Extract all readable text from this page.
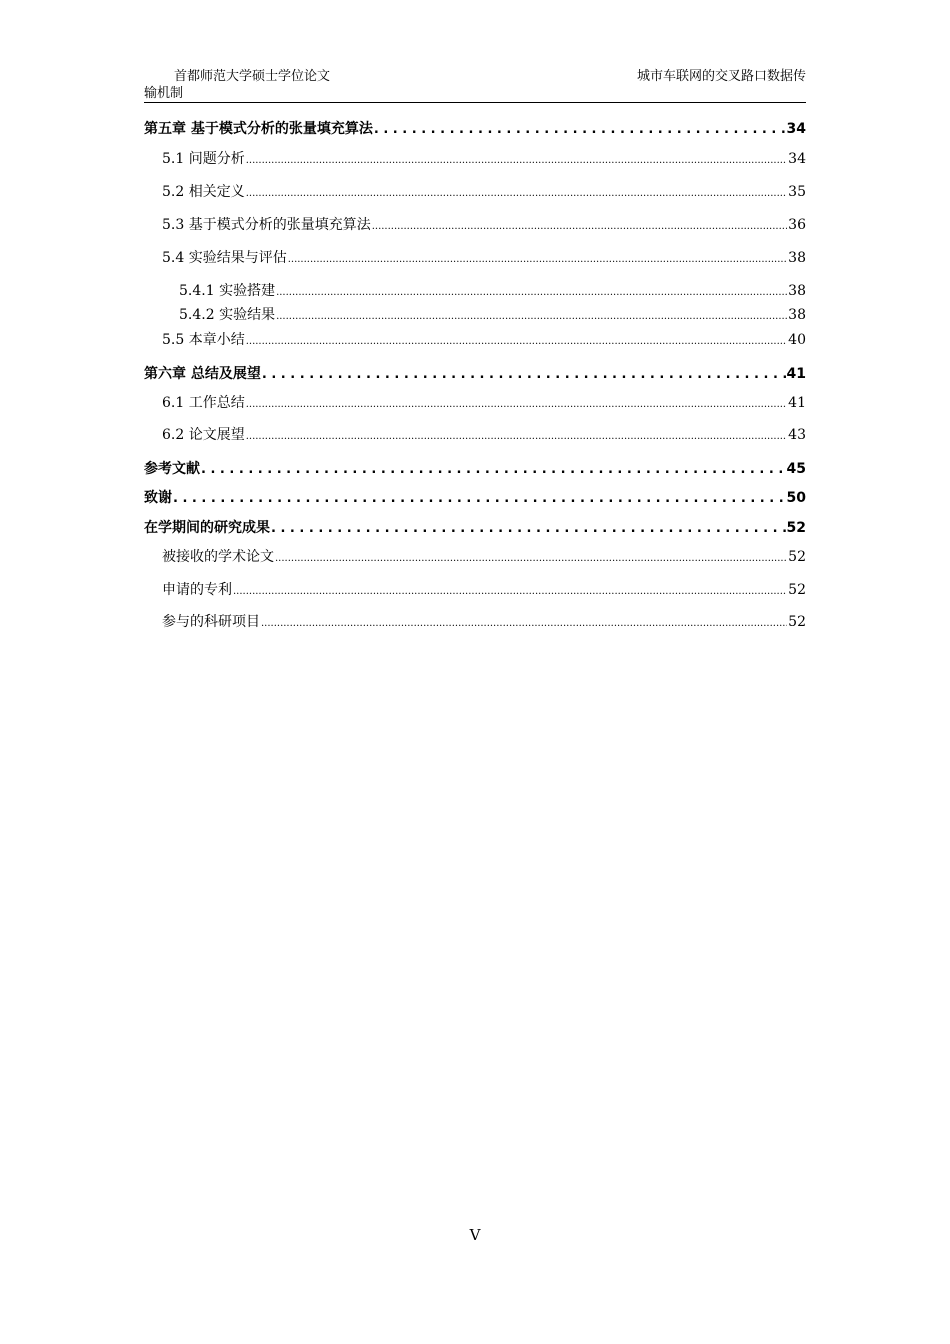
首都师范大学硕士学位论文	城市车联网的交叉路口数据传
输机制
第五章 基于模式分析的张量填充算法 . . .	34
5.1 问题分析 .....	34
5.2 相关定义 .....	35
5.3 基于模式分析的张量填充算法 .....	36
5.4 实验结果与评估 .....	38
5.4.1 实验搭建 .....	38
5.4.2 实验结果 .....	38
5.5 本章小结 .....	40
第六章 总结及展望 . . .	41
6.1 工作总结 .....	41
6.2 论文展望 .....	43
参考文献 . . .	45
致谢 . . .	50
在学期间的研究成果 . . .	52
被接收的学术论文 .....	52
申请的专利 .....	52
参与的科研项目 .....	52
V
